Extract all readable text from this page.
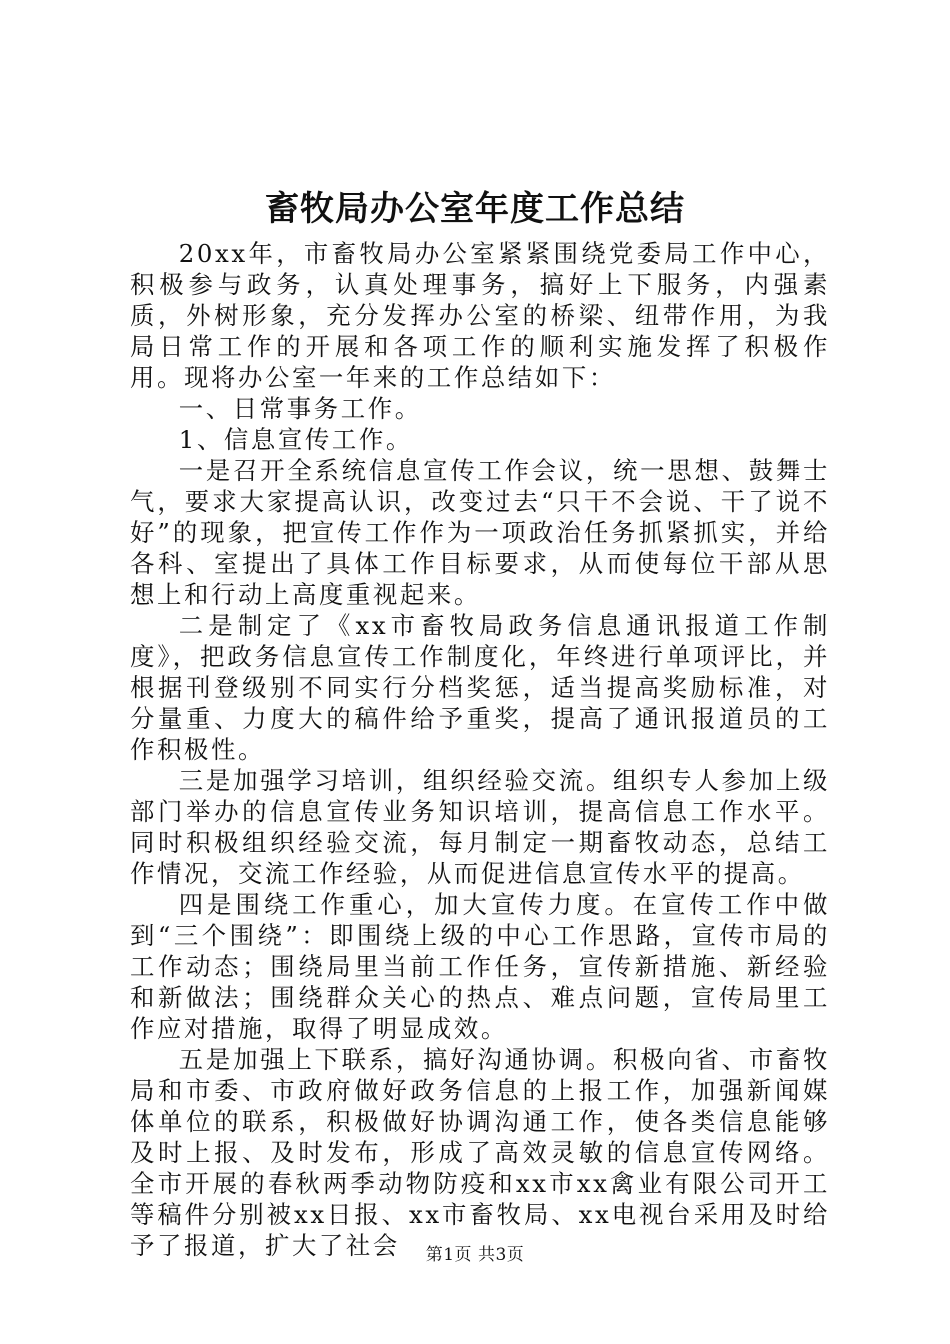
畜牧局办公室年度工作总结

20xx年，市畜牧局办公室紧紧围绕党委局工作中心，积极参与政务，认真处理事务，搞好上下服务，内强素质，外树形象，充分发挥办公室的桥梁、纽带作用，为我局日常工作的开展和各项工作的顺利实施发挥了积极作用。现将办公室一年来的工作总结如下：

一、日常事务工作。

1、信息宣传工作。

一是召开全系统信息宣传工作会议，统一思想、鼓舞士气，要求大家提高认识，改变过去“只干不会说、干了说不好”的现象，把宣传工作作为一项政治任务抓紧抓实，并给各科、室提出了具体工作目标要求，从而使每位干部从思想上和行动上高度重视起来。

二是制定了《xx市畜牧局政务信息通讯报道工作制度》，把政务信息宣传工作制度化，年终进行单项评比，并根据刊登级别不同实行分档奖惩，适当提高奖励标准，对分量重、力度大的稿件给予重奖，提高了通讯报道员的工作积极性。

三是加强学习培训，组织经验交流。组织专人参加上级部门举办的信息宣传业务知识培训，提高信息工作水平。同时积极组织经验交流，每月制定一期畜牧动态，总结工作情况，交流工作经验，从而促进信息宣传水平的提高。

四是围绕工作重心，加大宣传力度。在宣传工作中做到“三个围绕”：即围绕上级的中心工作思路，宣传市局的工作动态；围绕局里当前工作任务，宣传新措施、新经验和新做法；围绕群众关心的热点、难点问题，宣传局里工作应对措施，取得了明显成效。

五是加强上下联系，搞好沟通协调。积极向省、市畜牧局和市委、市政府做好政务信息的上报工作，加强新闻媒体单位的联系，积极做好协调沟通工作，使各类信息能够及时上报、及时发布，形成了高效灵敏的信息宣传网络。全市开展的春秋两季动物防疫和xx市xx禽业有限公司开工等稿件分别被xx日报、xx市畜牧局、xx电视台采用及时给予了报道，扩大了社会	第1页 共3页
